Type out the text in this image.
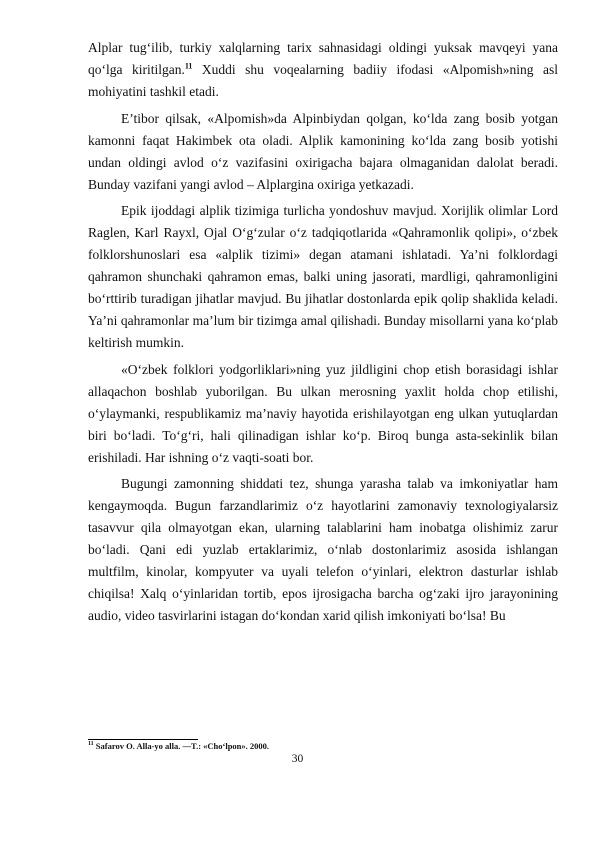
Alplar tug‘ilib, turkiy xalqlarning tarix sahnasidagi oldingi yuksak mavqeyi yana qo‘lga kiritilgan.$^{11}$ Xuddi shu voqealarning badiiy ifodasi «Alpomish»ning asl mohiyatini tashkil etadi.

E’tibor qilsak, «Alpomish»da Alpinbiydan qolgan, ko‘lda zang bosib yotgan kamonni faqat Hakimbek ota oladi. Alplik kamonining ko‘lda zang bosib yotishi undan oldingi avlod o‘z vazifasini oxirigacha bajara olmaganidan dalolat beradi. Bunday vazifani yangi avlod – Alplargina oxiriga yetkazadi.

Epik ijoddagi alplik tizimiga turlicha yondoshuv mavjud. Xorijlik olimlar Lord Raglen, Karl Rayxl, Ojal O‘g‘zular o‘z tadqiqotlarida «Qahramonlik qolipi», o‘zbek folklorshunoslari esa «alplik tizimi» degan atamani ishlatadi. Ya’ni folklordagi qahramon shunchaki qahramon emas, balki uning jasorati, mardligi, qahramonligini bo‘rttirib turadigan jihatlar mavjud. Bu jihatlar dostonlarda epik qolip shaklida keladi. Ya’ni qahramonlar ma’lum bir tizimga amal qilishadi. Bunday misollarni yana ko‘plab keltirish mumkin.

«O‘zbek folklori yodgorliklari»ning yuz jildligini chop etish borasidagi ishlar allaqachon boshlab yuborilgan. Bu ulkan merosning yaxlit holda chop etilishi, o‘ylaymanki, respublikamiz ma’naviy hayotida erishilayotgan eng ulkan yutuqlardan biri bo‘ladi. To‘g‘ri, hali qilinadigan ishlar ko‘p. Biroq bunga asta-sekinlik bilan erishiladi. Har ishning o‘z vaqti-soati bor.

Bugungi zamonning shiddati tez, shunga yarasha talab va imkoniyatlar ham kengaymoqda. Bugun farzandlarimiz o‘z hayotlarini zamonaviy texnologiyalarsiz tasavvur qila olmayotgan ekan, ularning talablarini ham inobatga olishimiz zarur bo‘ladi. Qani edi yuzlab ertaklarimiz, o‘nlab dostonlarimiz asosida ishlangan multfilm, kinolar, kompyuter va uyali telefon o‘yinlari, elektron dasturlar ishlab chiqilsa! Xalq o‘yinlaridan tortib, epos ijrosigacha barcha og‘zaki ijro jarayonining audio, video tasvirlarini istagan do‘kondan xarid qilish imkoniyati bo‘lsa! Bu

$^{11}$ Safarov O. Alla-yo alla. —T.: «Cho‘lpon». 2000.
30
